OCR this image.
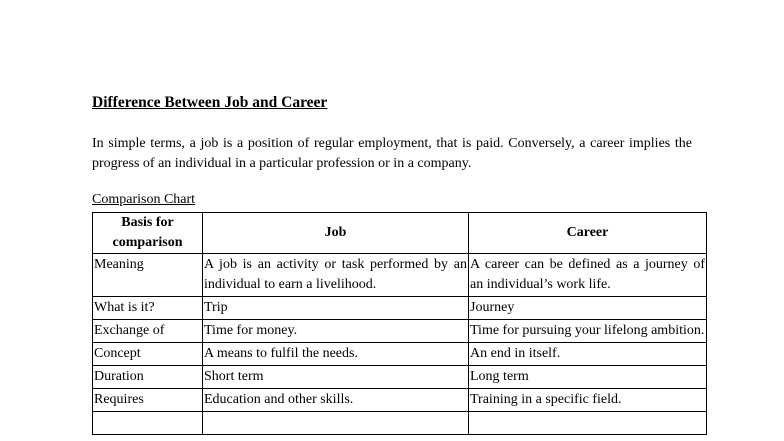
Difference Between Job and Career
In simple terms, a job is a position of regular employment, that is paid. Conversely, a career implies the progress of an individual in a particular profession or in a company.
Comparison Chart
Basis for comparison	Job	Career
Meaning	A job is an activity or task performed by an individual to earn a livelihood.	A career can be defined as a journey of an individual’s work life.
What is it?	Trip	Journey
Exchange of	Time for money.	Time for pursuing your lifelong ambition.
Concept	A means to fulfil the needs.	An end in itself.
Duration	Short term	Long term
Requires	Education and other skills.	Training in a specific field.
